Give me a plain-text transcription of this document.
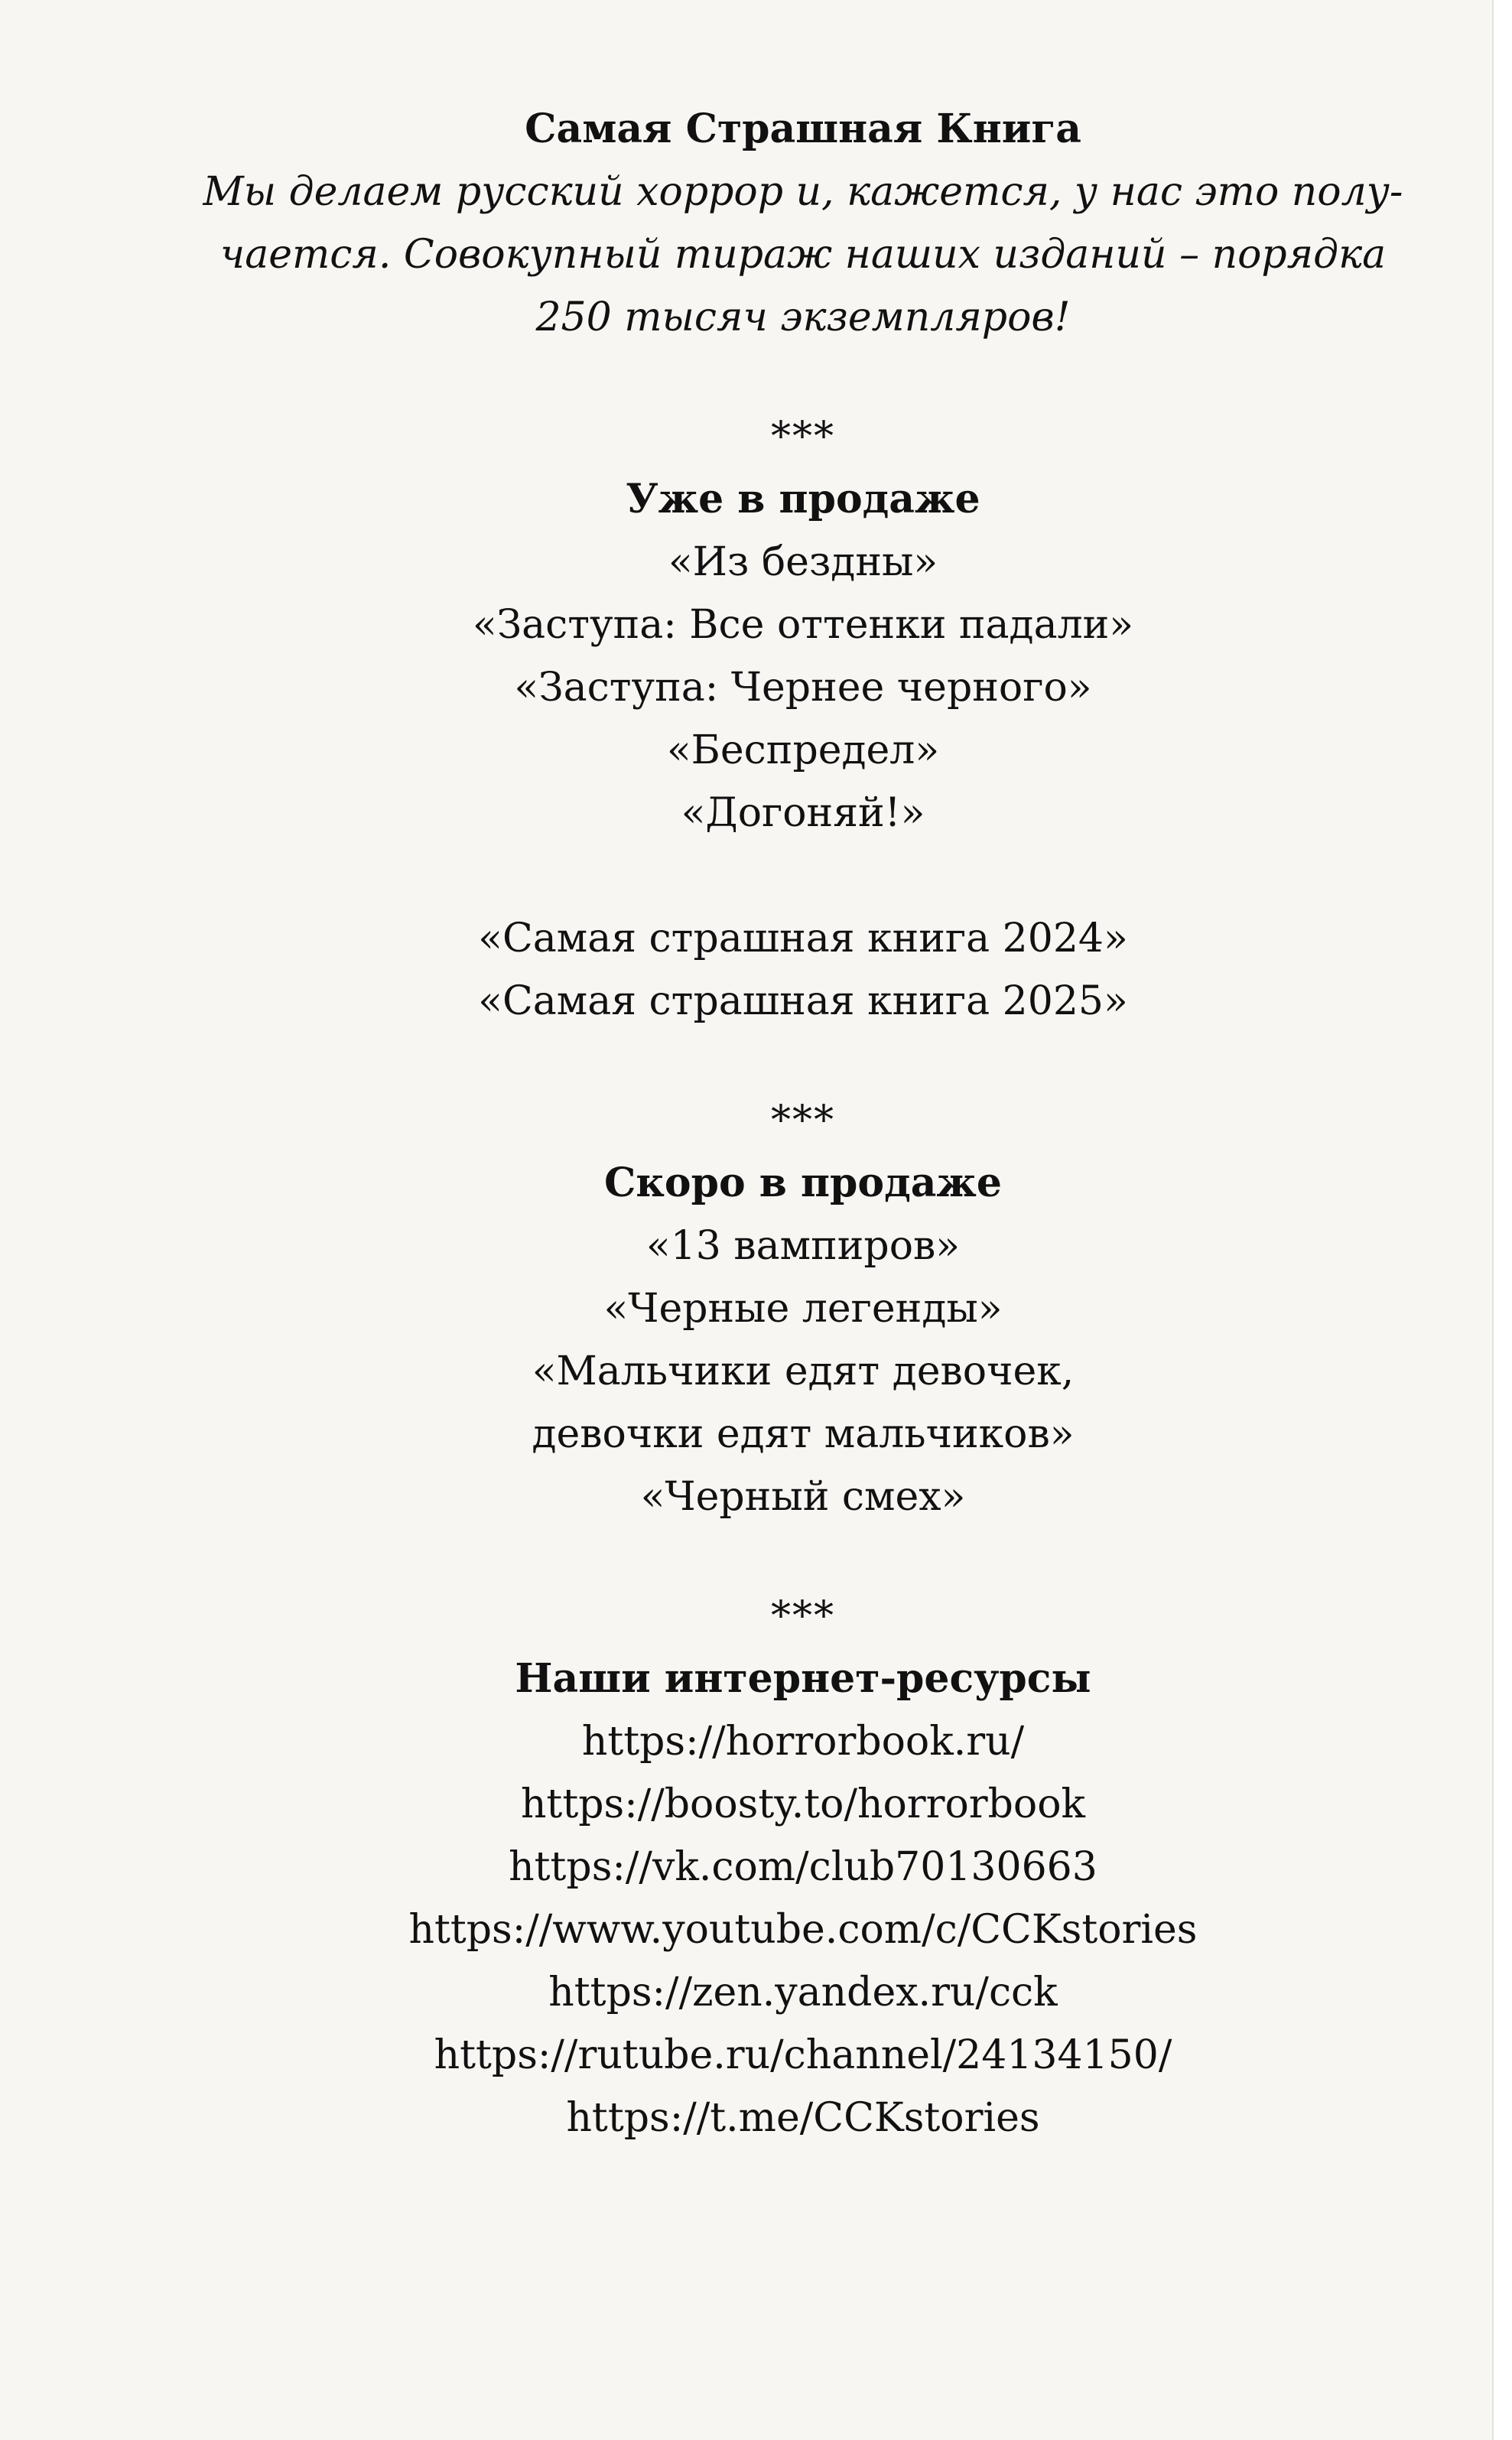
Самая Страшная Книга
Мы делаем русский хоррор и, кажется, у нас это полу-
чается. Совокупный тираж наших изданий – порядка
250 тысяч экземпляров!
***
Уже в продаже
«Из бездны»
«Заступа: Все оттенки падали»
«Заступа: Чернее черного»
«Беспредел»
«Догоняй!»
«Самая страшная книга 2024»
«Самая страшная книга 2025»
***
Скоро в продаже
«13 вампиров»
«Черные легенды»
«Мальчики едят девочек,
девочки едят мальчиков»
«Черный смех»
***
Наши интернет-ресурсы
https://horrorbook.ru/
https://boosty.to/horrorbook
https://vk.com/club70130663
https://www.youtube.com/c/CCKstories
https://zen.yandex.ru/cck
https://rutube.ru/channel/24134150/
https://t.me/CCKstories
